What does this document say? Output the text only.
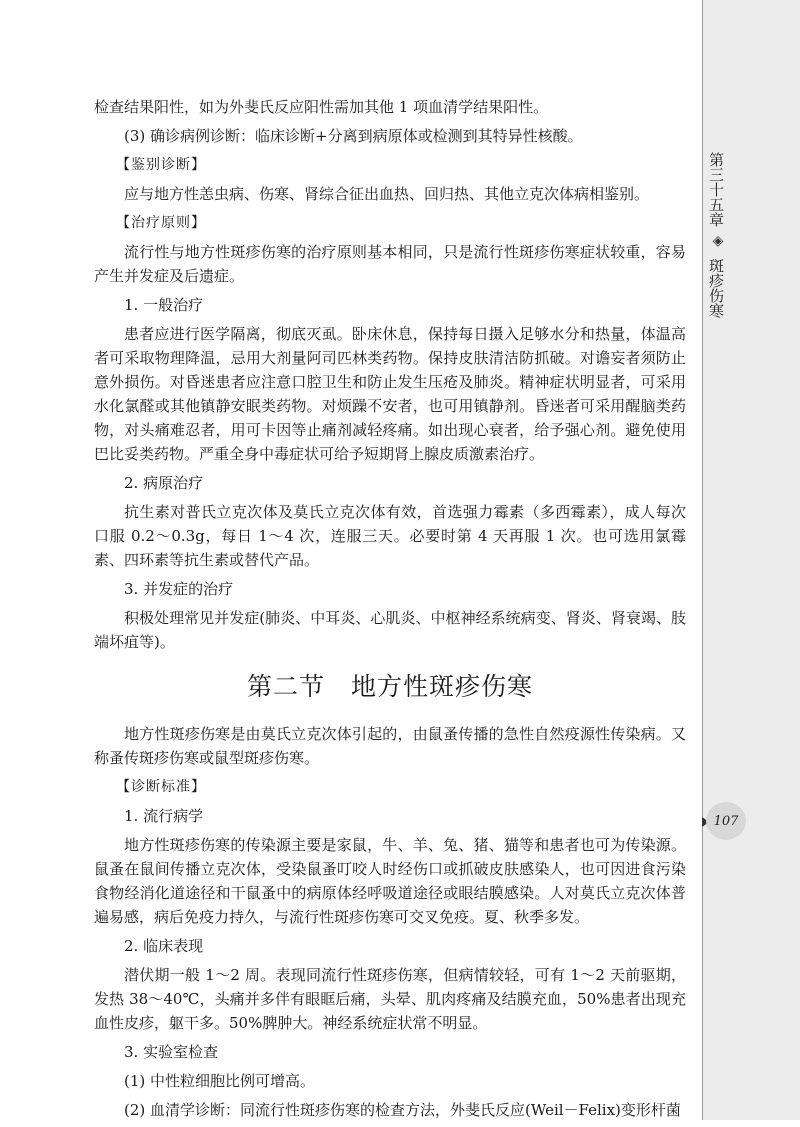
第三十五章
◈
斑疹伤寒
107

检查结果阳性，如为外斐氏反应阳性需加其他 1 项血清学结果阳性。

(3) 确诊病例诊断：临床诊断+分离到病原体或检测到其特异性核酸。

【鉴别诊断】

应与地方性恙虫病、伤寒、肾综合征出血热、回归热、其他立克次体病相鉴别。

【治疗原则】

流行性与地方性斑疹伤寒的治疗原则基本相同，只是流行性斑疹伤寒症状较重，容易产生并发症及后遗症。

1. 一般治疗

患者应进行医学隔离，彻底灭虱。卧床休息，保持每日摄入足够水分和热量，体温高者可采取物理降温，忌用大剂量阿司匹林类药物。保持皮肤清洁防抓破。对谵妄者须防止意外损伤。对昏迷患者应注意口腔卫生和防止发生压疮及肺炎。精神症状明显者，可采用水化氯醛或其他镇静安眠类药物。对烦躁不安者，也可用镇静剂。昏迷者可采用醒脑类药物，对头痛难忍者，用可卡因等止痛剂减轻疼痛。如出现心衰者，给予强心剂。避免使用巴比妥类药物。严重全身中毒症状可给予短期肾上腺皮质激素治疗。

2. 病原治疗

抗生素对普氏立克次体及莫氏立克次体有效，首选强力霉素（多西霉素），成人每次口服 0.2～0.3g，每日 1～4 次，连服三天。必要时第 4 天再服 1 次。也可选用氯霉素、四环素等抗生素或替代产品。

3. 并发症的治疗

积极处理常见并发症(肺炎、中耳炎、心肌炎、中枢神经系统病变、肾炎、肾衰竭、肢端坏疽等)。

第二节　地方性斑疹伤寒

地方性斑疹伤寒是由莫氏立克次体引起的，由鼠蚤传播的急性自然疫源性传染病。又称蚤传斑疹伤寒或鼠型斑疹伤寒。

【诊断标准】

1. 流行病学

地方性斑疹伤寒的传染源主要是家鼠，牛、羊、兔、猪、猫等和患者也可为传染源。鼠蚤在鼠间传播立克次体，受染鼠蚤叮咬人时经伤口或抓破皮肤感染人，也可因进食污染食物经消化道途径和干鼠蚤中的病原体经呼吸道途径或眼结膜感染。人对莫氏立克次体普遍易感，病后免疫力持久，与流行性斑疹伤寒可交叉免疫。夏、秋季多发。

2. 临床表现

潜伏期一般 1～2 周。表现同流行性斑疹伤寒，但病情较轻，可有 1～2 天前驱期，发热 38～40℃，头痛并多伴有眼眶后痛，头晕、肌肉疼痛及结膜充血，50%患者出现充血性皮疹，躯干多。50%脾肿大。神经系统症状常不明显。

3. 实验室检查

(1) 中性粒细胞比例可增高。

(2) 血清学诊断：同流行性斑疹伤寒的检查方法，外斐氏反应(Weil－Felix)变形杆菌
